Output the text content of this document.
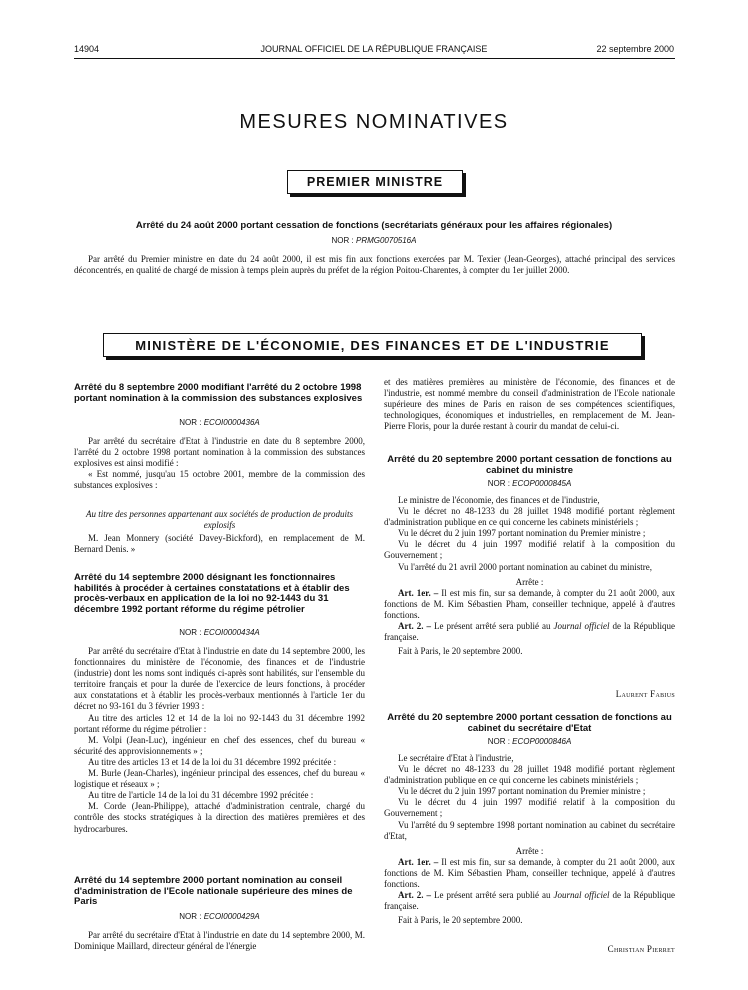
14904	JOURNAL OFFICIEL DE LA RÉPUBLIQUE FRANÇAISE	22 septembre 2000
MESURES NOMINATIVES
PREMIER MINISTRE
Arrêté du 24 août 2000 portant cessation de fonctions (secrétariats généraux pour les affaires régionales)
NOR : PRMG0070516A

Par arrêté du Premier ministre en date du 24 août 2000, il est mis fin aux fonctions exercées par M. Texier (Jean-Georges), attaché principal des services déconcentrés, en qualité de chargé de mission à temps plein auprès du préfet de la région Poitou-Charentes, à compter du 1er juillet 2000.

MINISTÈRE DE L'ÉCONOMIE, DES FINANCES ET DE L'INDUSTRIE
Arrêté du 8 septembre 2000 modifiant l'arrêté du 2 octobre 1998 portant nomination à la commission des substances explosives
NOR : ECOI0000436A

Par arrêté du secrétaire d'Etat à l'industrie en date du 8 septembre 2000, l'arrêté du 2 octobre 1998 portant nomination à la commission des substances explosives est ainsi modifié :

« Est nommé, jusqu'au 15 octobre 2001, membre de la commission des substances explosives :

Au titre des personnes appartenant aux sociétés de production de produits explosifs

M. Jean Monnery (société Davey-Bickford), en remplacement de M. Bernard Denis. »

Arrêté du 14 septembre 2000 désignant les fonctionnaires habilités à procéder à certaines constatations et à établir des procès-verbaux en application de la loi no 92-1443 du 31 décembre 1992 portant réforme du régime pétrolier
NOR : ECOI0000434A

Par arrêté du secrétaire d'Etat à l'industrie en date du 14 septembre 2000, les fonctionnaires du ministère de l'économie, des finances et de l'industrie (industrie) dont les noms sont indiqués ci-après sont habilités, sur l'ensemble du territoire français et pour la durée de l'exercice de leurs fonctions, à procéder aux constatations et à établir les procès-verbaux mentionnés à l'article 1er du décret no 93-161 du 3 février 1993 :

Au titre des articles 12 et 14 de la loi no 92-1443 du 31 décembre 1992 portant réforme du régime pétrolier :

M. Volpi (Jean-Luc), ingénieur en chef des essences, chef du bureau « sécurité des approvisionnements » ;

Au titre des articles 13 et 14 de la loi du 31 décembre 1992 précitée :

M. Burle (Jean-Charles), ingénieur principal des essences, chef du bureau « logistique et réseaux » ;

Au titre de l'article 14 de la loi du 31 décembre 1992 précitée :

M. Corde (Jean-Philippe), attaché d'administration centrale, chargé du contrôle des stocks stratégiques à la direction des matières premières et des hydrocarbures.

Arrêté du 14 septembre 2000 portant nomination au conseil d'administration de l'Ecole nationale supérieure des mines de Paris
NOR : ECOI0000429A

Par arrêté du secrétaire d'Etat à l'industrie en date du 14 septembre 2000, M. Dominique Maillard, directeur général de l'énergie

et des matières premières au ministère de l'économie, des finances et de l'industrie, est nommé membre du conseil d'administration de l'Ecole nationale supérieure des mines de Paris en raison de ses compétences scientifiques, technologiques, économiques et industrielles, en remplacement de M. Jean-Pierre Floris, pour la durée restant à courir du mandat de celui-ci.

Arrêté du 20 septembre 2000 portant cessation de fonctions au cabinet du ministre
NOR : ECOP0000845A

Le ministre de l'économie, des finances et de l'industrie,

Vu le décret no 48-1233 du 28 juillet 1948 modifié portant règlement d'administration publique en ce qui concerne les cabinets ministériels ;

Vu le décret du 2 juin 1997 portant nomination du Premier ministre ;

Vu le décret du 4 juin 1997 modifié relatif à la composition du Gouvernement ;

Vu l'arrêté du 21 avril 2000 portant nomination au cabinet du ministre,

Arrête :

Art. 1er. – Il est mis fin, sur sa demande, à compter du 21 août 2000, aux fonctions de M. Kim Sébastien Pham, conseiller technique, appelé à d'autres fonctions.

Art. 2. – Le présent arrêté sera publié au Journal officiel de la République française.

Fait à Paris, le 20 septembre 2000.

Laurent Fabius
Arrêté du 20 septembre 2000 portant cessation de fonctions au cabinet du secrétaire d'Etat
NOR : ECOP0000846A

Le secrétaire d'Etat à l'industrie,

Vu le décret no 48-1233 du 28 juillet 1948 modifié portant règlement d'administration publique en ce qui concerne les cabinets ministériels ;

Vu le décret du 2 juin 1997 portant nomination du Premier ministre ;

Vu le décret du 4 juin 1997 modifié relatif à la composition du Gouvernement ;

Vu l'arrêté du 9 septembre 1998 portant nomination au cabinet du secrétaire d'Etat,

Arrête :

Art. 1er. – Il est mis fin, sur sa demande, à compter du 21 août 2000, aux fonctions de M. Kim Sébastien Pham, conseiller technique, appelé à d'autres fonctions.

Art. 2. – Le présent arrêté sera publié au Journal officiel de la République française.

Fait à Paris, le 20 septembre 2000.

Christian Pierret
